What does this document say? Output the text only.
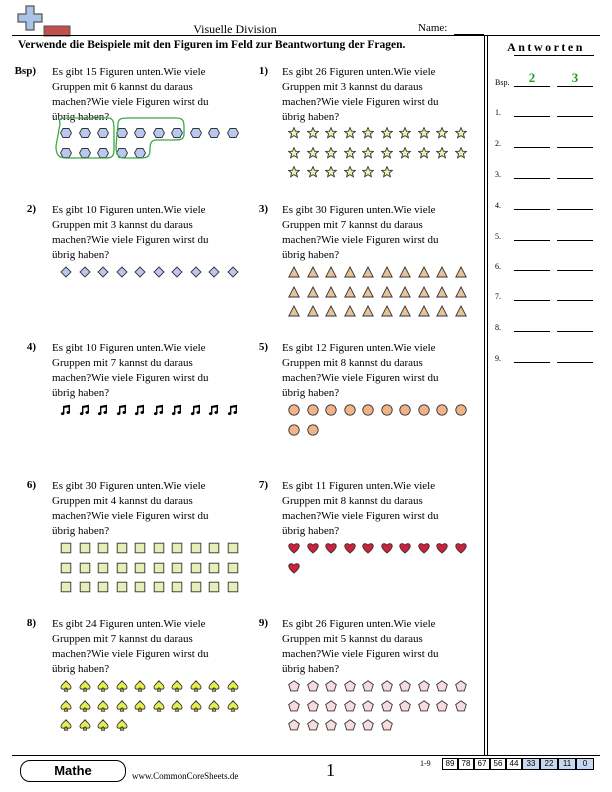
Visuelle Division	Name:
Verwende die Beispiele mit den Figuren im Feld zur Beantwortung der Fragen.	Antworten
Bsp.	2	3
1.
2.
3.
4.
5.
6.
7.
8.
9.
Bsp) Es gibt 15 Figuren unten.Wie viele Gruppen mit 6 kannst du daraus machen?Wie viele Figuren wirst du übrig haben?
1) Es gibt 26 Figuren unten.Wie viele Gruppen mit 3 kannst du daraus machen?Wie viele Figuren wirst du übrig haben?
2) Es gibt 10 Figuren unten.Wie viele Gruppen mit 3 kannst du daraus machen?Wie viele Figuren wirst du übrig haben?
3) Es gibt 30 Figuren unten.Wie viele Gruppen mit 7 kannst du daraus machen?Wie viele Figuren wirst du übrig haben?
4) Es gibt 10 Figuren unten.Wie viele Gruppen mit 7 kannst du daraus machen?Wie viele Figuren wirst du übrig haben?
5) Es gibt 12 Figuren unten.Wie viele Gruppen mit 8 kannst du daraus machen?Wie viele Figuren wirst du übrig haben?
6) Es gibt 30 Figuren unten.Wie viele Gruppen mit 4 kannst du daraus machen?Wie viele Figuren wirst du übrig haben?
7) Es gibt 11 Figuren unten.Wie viele Gruppen mit 8 kannst du daraus machen?Wie viele Figuren wirst du übrig haben?
8) Es gibt 24 Figuren unten.Wie viele Gruppen mit 7 kannst du daraus machen?Wie viele Figuren wirst du übrig haben?
9) Es gibt 26 Figuren unten.Wie viele Gruppen mit 5 kannst du daraus machen?Wie viele Figuren wirst du übrig haben?
Mathe	www.CommonCoreSheets.de	1	1-9	89 78 67 56 44	33	22	11	0
